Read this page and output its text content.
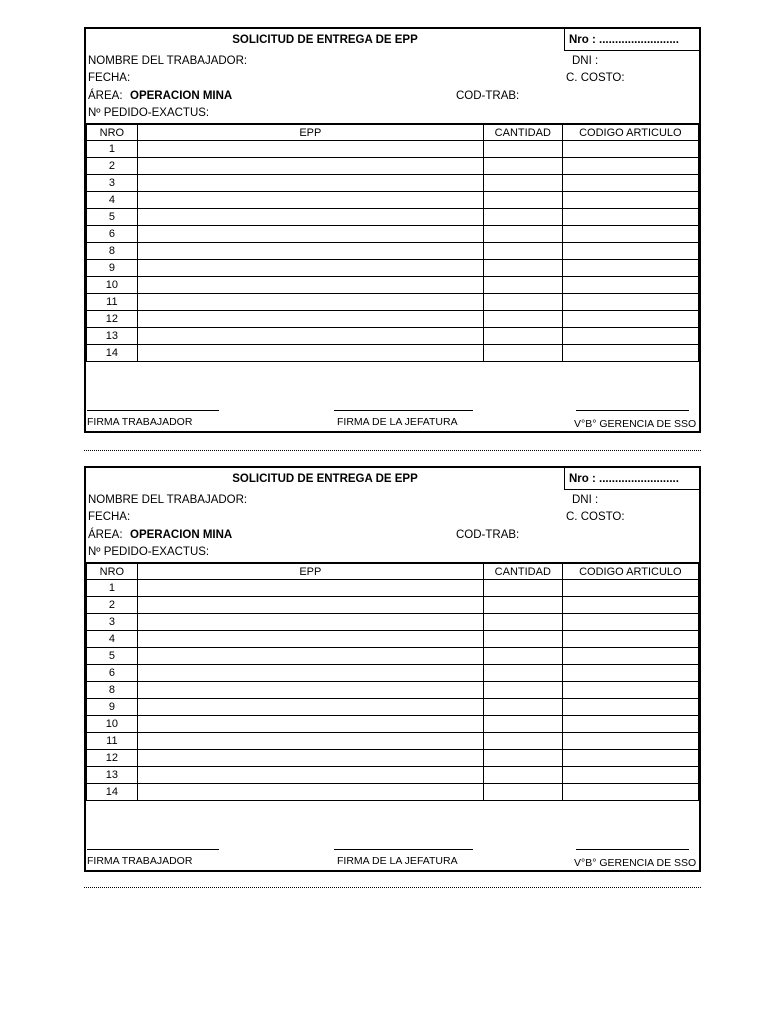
SOLICITUD DE ENTREGA DE EPP	Nro : .........................
NOMBRE DEL TRABAJADOR:	DNI :
FECHA:	C. COSTO:
ÁREA: OPERACION MINA	COD-TRAB:
Nº PEDIDO-EXACTUS:
NRO	EPP	CANTIDAD	CODIGO ARTICULO
1			
2			
3			
4			
5			
6			
8			
9			
10			
11			
12			
13			
14			
FIRMA TRABAJADOR	FIRMA DE LA JEFATURA	V°B° GERENCIA DE SSO
SOLICITUD DE ENTREGA DE EPP	Nro : .........................
NOMBRE DEL TRABAJADOR:	DNI :
FECHA:	C. COSTO:
ÁREA: OPERACION MINA	COD-TRAB:
Nº PEDIDO-EXACTUS:
NRO	EPP	CANTIDAD	CODIGO ARTICULO
1			
2			
3			
4			
5			
6			
8			
9			
10			
11			
12			
13			
14			
FIRMA TRABAJADOR	FIRMA DE LA JEFATURA	V°B° GERENCIA DE SSO
